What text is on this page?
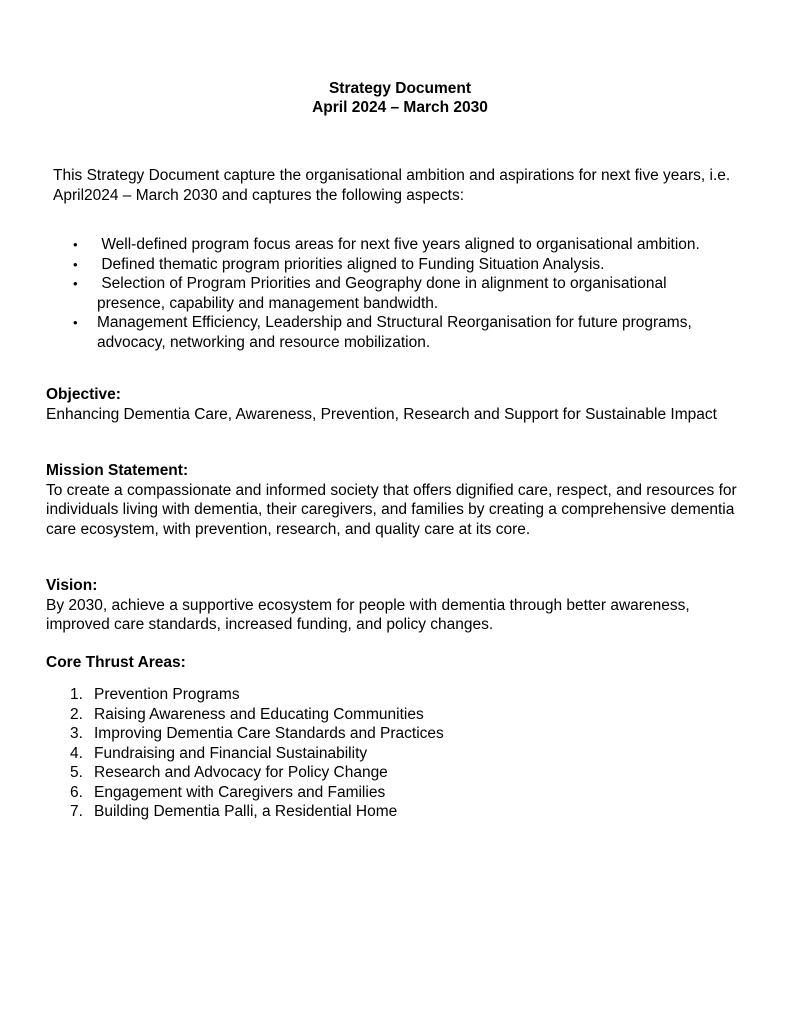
Strategy Document
April 2024 – March 2030
This Strategy Document capture the organisational ambition and aspirations for next five years, i.e. April2024 – March 2030 and captures the following aspects:
• Well-defined program focus areas for next five years aligned to organisational ambition.
• Defined thematic program priorities aligned to Funding Situation Analysis.
• Selection of Program Priorities and Geography done in alignment to organisational presence, capability and management bandwidth.
• Management Efficiency, Leadership and Structural Reorganisation for future programs, advocacy, networking and resource mobilization.
Objective:
Enhancing Dementia Care, Awareness, Prevention, Research and Support for Sustainable Impact
Mission Statement:
To create a compassionate and informed society that offers dignified care, respect, and resources for individuals living with dementia, their caregivers, and families by creating a comprehensive dementia care ecosystem, with prevention, research, and quality care at its core.
Vision:
By 2030, achieve a supportive ecosystem for people with dementia through better awareness, improved care standards, increased funding, and policy changes.
Core Thrust Areas:
1. Prevention Programs
2. Raising Awareness and Educating Communities
3. Improving Dementia Care Standards and Practices
4. Fundraising and Financial Sustainability
5. Research and Advocacy for Policy Change
6. Engagement with Caregivers and Families
7. Building Dementia Palli, a Residential Home
